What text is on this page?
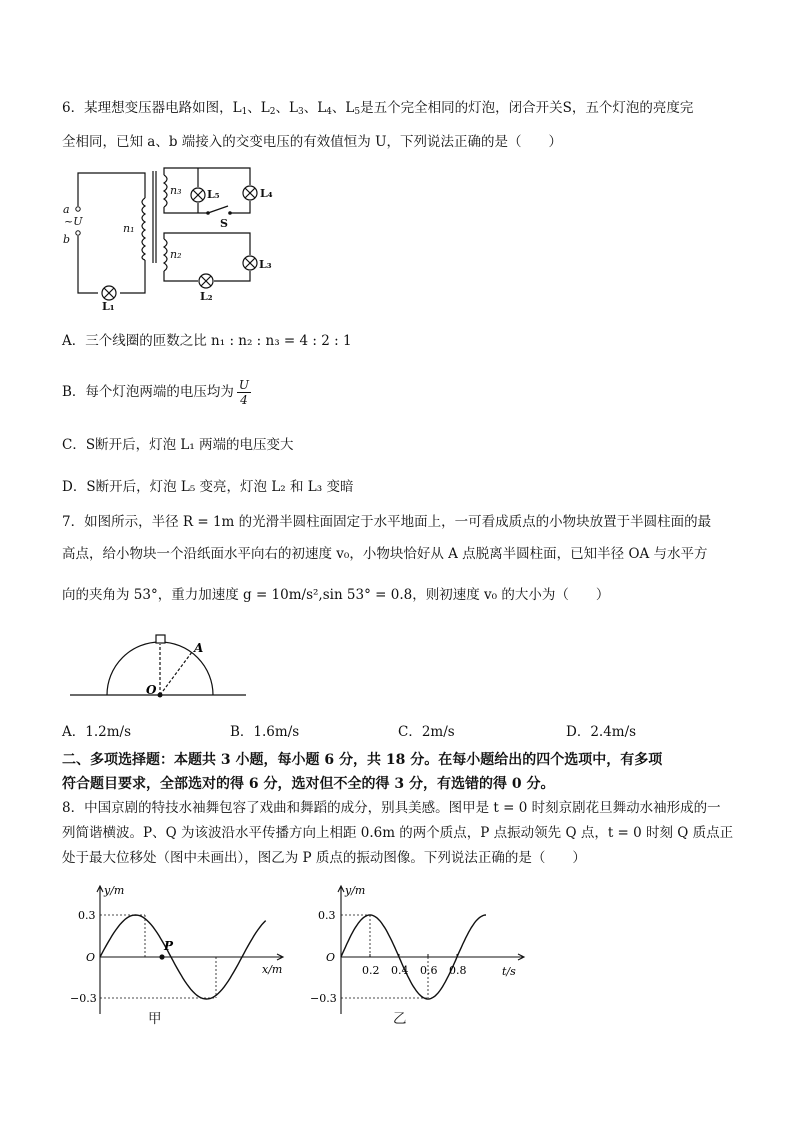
6．某理想变压器电路如图，$L_1$、$L_2$、$L_3$、$L_4$、$L_5$是五个完全相同的灯泡，闭合开关S，五个灯泡的亮度完
全相同，已知 a、b 端接入的交变电压的有效值恒为 U，下列说法正确的是（　　）
a
~U
b
n₁
n₃
n₂
L₅	L₄
S
L₃
L₁
L₂
A．三个线圈的匝数之比 n₁ : n₂ : n₃ = 4 : 2 : 1
B．每个灯泡两端的电压均为 $\frac{U}{4}$
C．S断开后，灯泡 L₁ 两端的电压变大
D．S断开后，灯泡 L₅ 变亮，灯泡 L₂ 和 L₃ 变暗
7．如图所示，半径 R = 1m 的光滑半圆柱面固定于水平地面上，一可看成质点的小物块放置于半圆柱面的最
高点，给小物块一个沿纸面水平向右的初速度 v₀，小物块恰好从 A 点脱离半圆柱面，已知半径 OA 与水平方
向的夹角为 53°，重力加速度 g = 10m/s²,sin 53° = 0.8，则初速度 v₀ 的大小为（　　）
A
O
A．1.2m/s	B．1.6m/s	C．2m/s	D．2.4m/s
二、多项选择题：本题共 3 小题，每小题 6 分，共 18 分。在每小题给出的四个选项中，有多项
符合题目要求，全部选对的得 6 分，选对但不全的得 3 分，有选错的得 0 分。
8．中国京剧的特技水袖舞包容了戏曲和舞蹈的成分，别具美感。图甲是 t = 0 时刻京剧花旦舞动水袖形成的一
列简谐横波。P、Q 为该波沿水平传播方向上相距 0.6m 的两个质点，P 点振动领先 Q 点，t = 0 时刻 Q 质点正
处于最大位移处（图中未画出），图乙为 P 质点的振动图像。下列说法正确的是（　　）
P
y/m
x/m
0.3
O
−0.3
甲
y/m
t/s
0.3
O
−0.3
0.2 0.4 0.6 0.8
乙
